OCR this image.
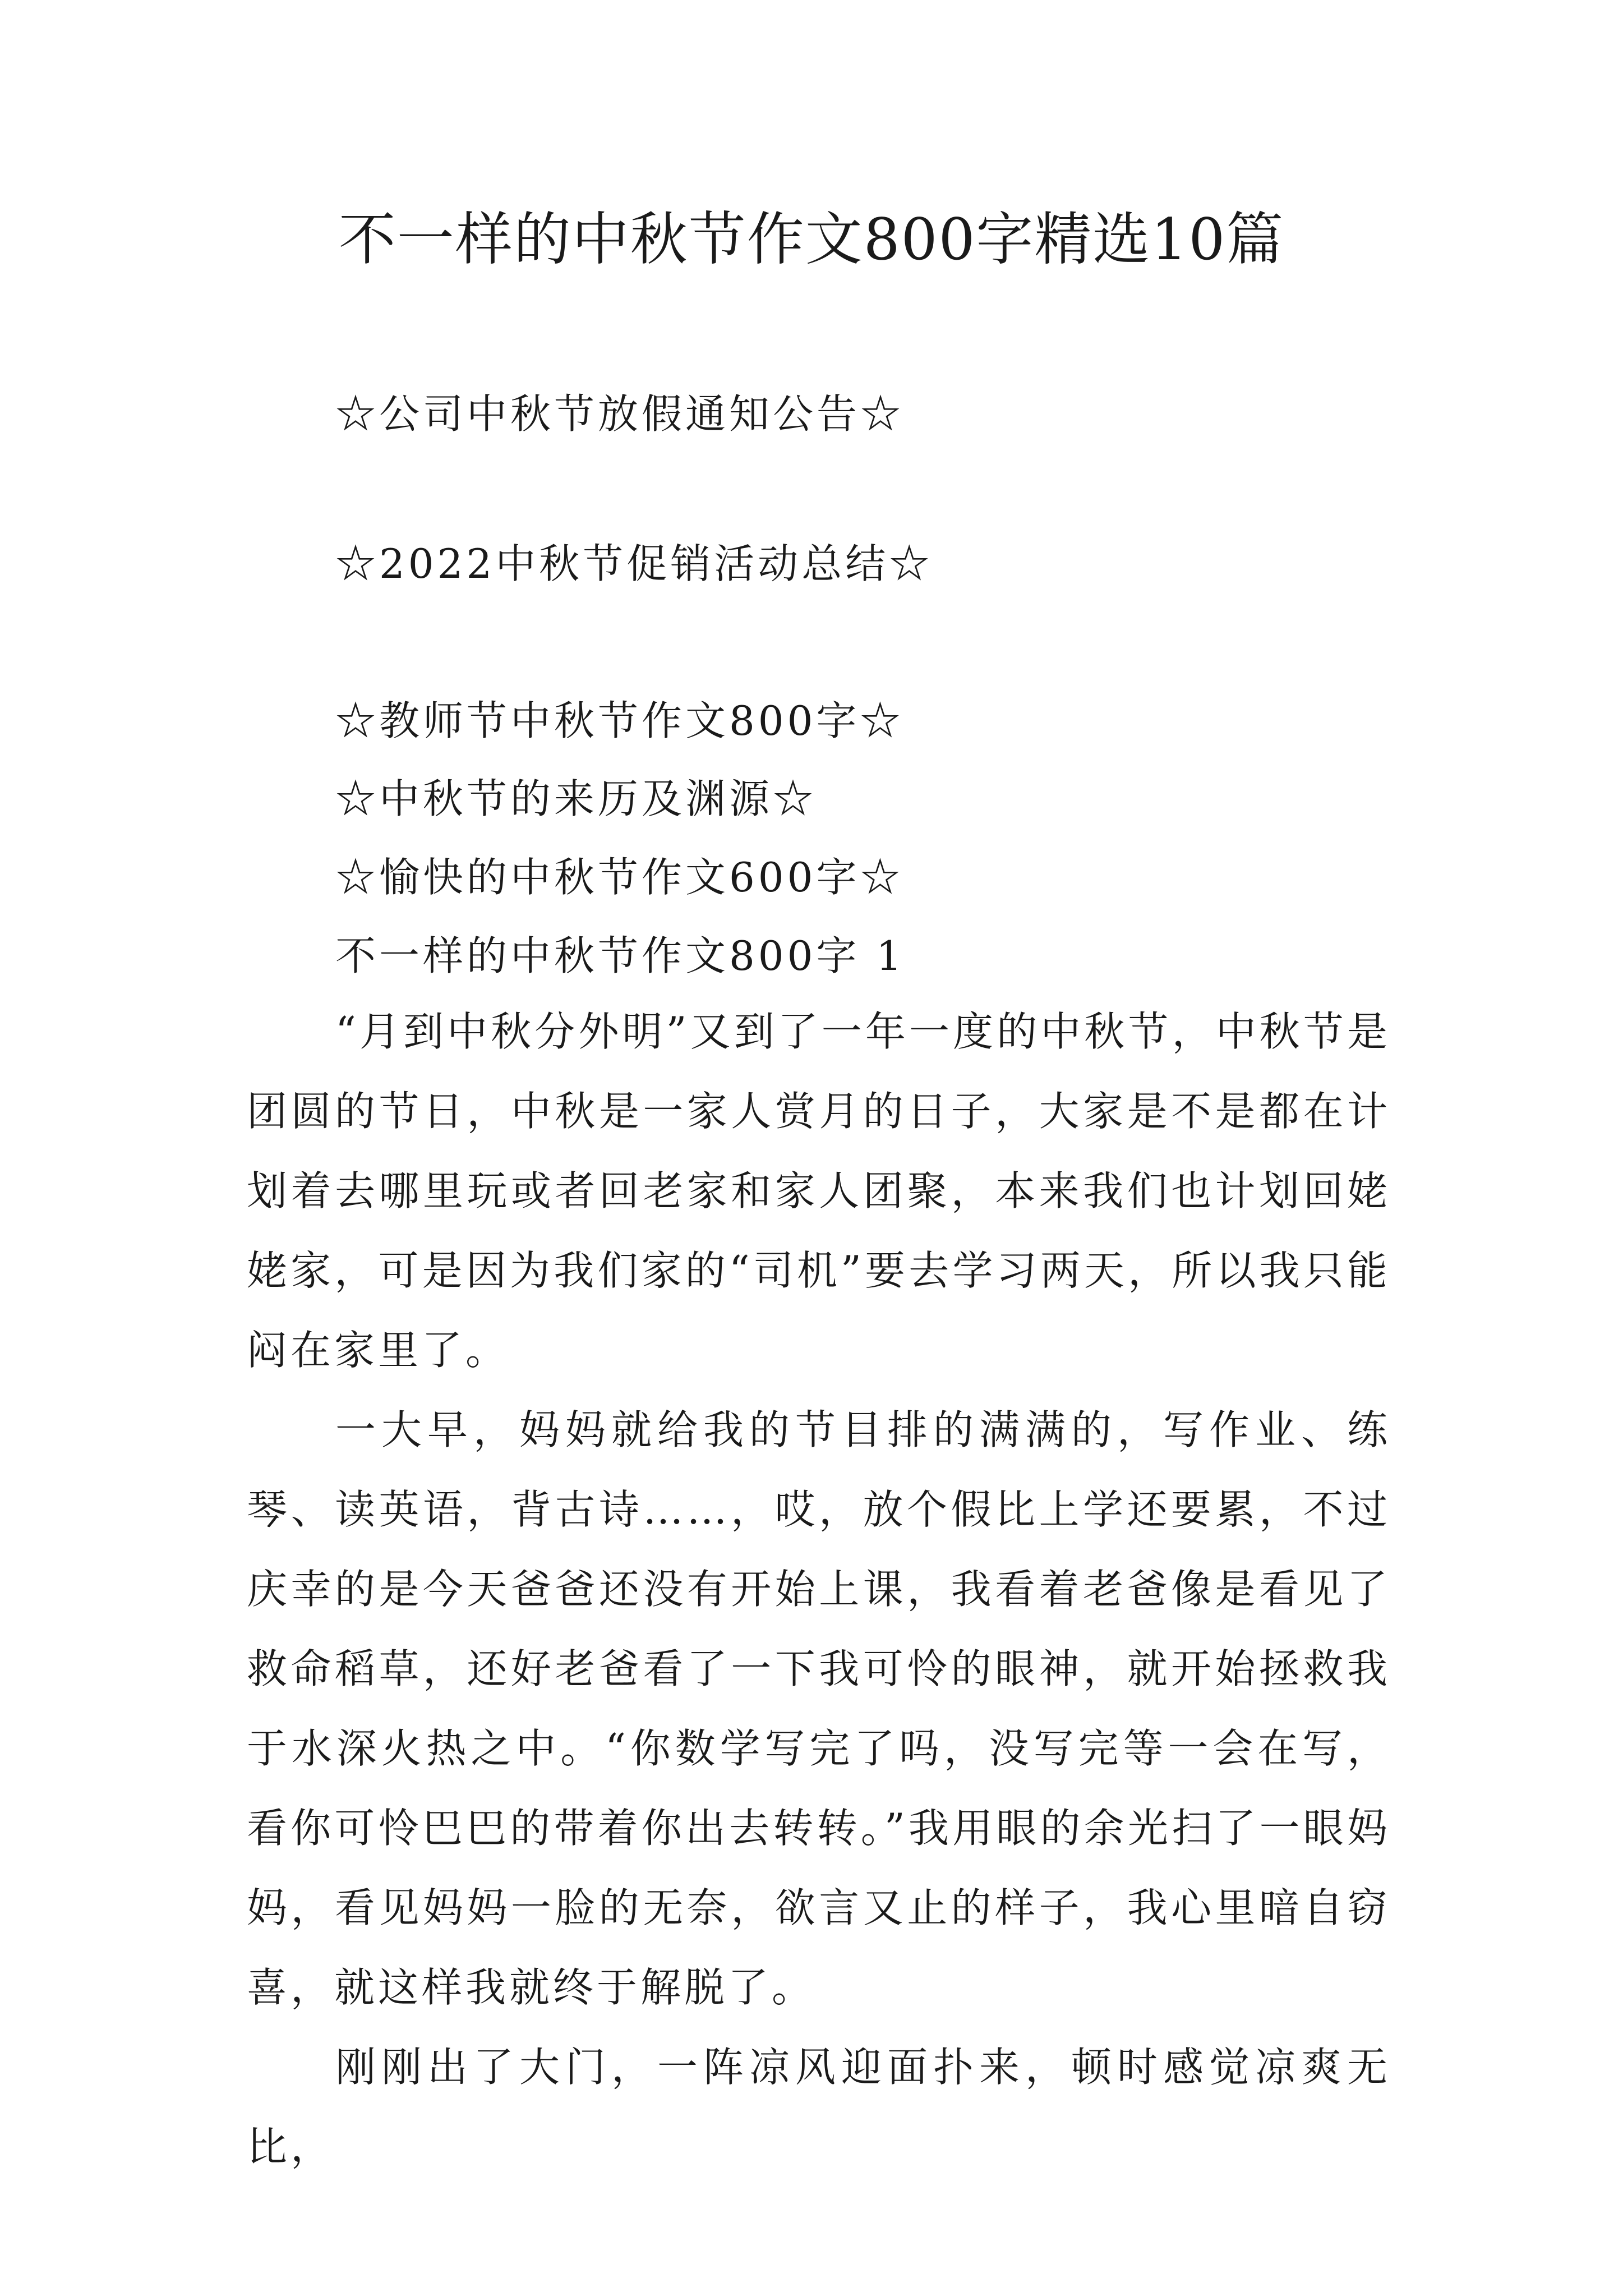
不一样的中秋节作文800字精选10篇
☆公司中秋节放假通知公告☆
☆2022中秋节促销活动总结☆
☆教师节中秋节作文800字☆
☆中秋节的来历及渊源☆
☆愉快的中秋节作文600字☆
不一样的中秋节作文800字 1

“月到中秋分外明”又到了一年一度的中秋节，中秋节是团圆的节日，中秋是一家人赏月的日子，大家是不是都在计划着去哪里玩或者回老家和家人团聚，本来我们也计划回姥姥家，可是因为我们家的“司机”要去学习两天，所以我只能闷在家里了。

一大早，妈妈就给我的节目排的满满的，写作业、练琴、读英语，背古诗……，哎，放个假比上学还要累，不过庆幸的是今天爸爸还没有开始上课，我看着老爸像是看见了救命稻草，还好老爸看了一下我可怜的眼神，就开始拯救我于水深火热之中。“你数学写完了吗，没写完等一会在写，看你可怜巴巴的带着你出去转转。”我用眼的余光扫了一眼妈妈，看见妈妈一脸的无奈，欲言又止的样子，我心里暗自窃喜，就这样我就终于解脱了。

刚刚出了大门，一阵凉风迎面扑来，顿时感觉凉爽无比，
